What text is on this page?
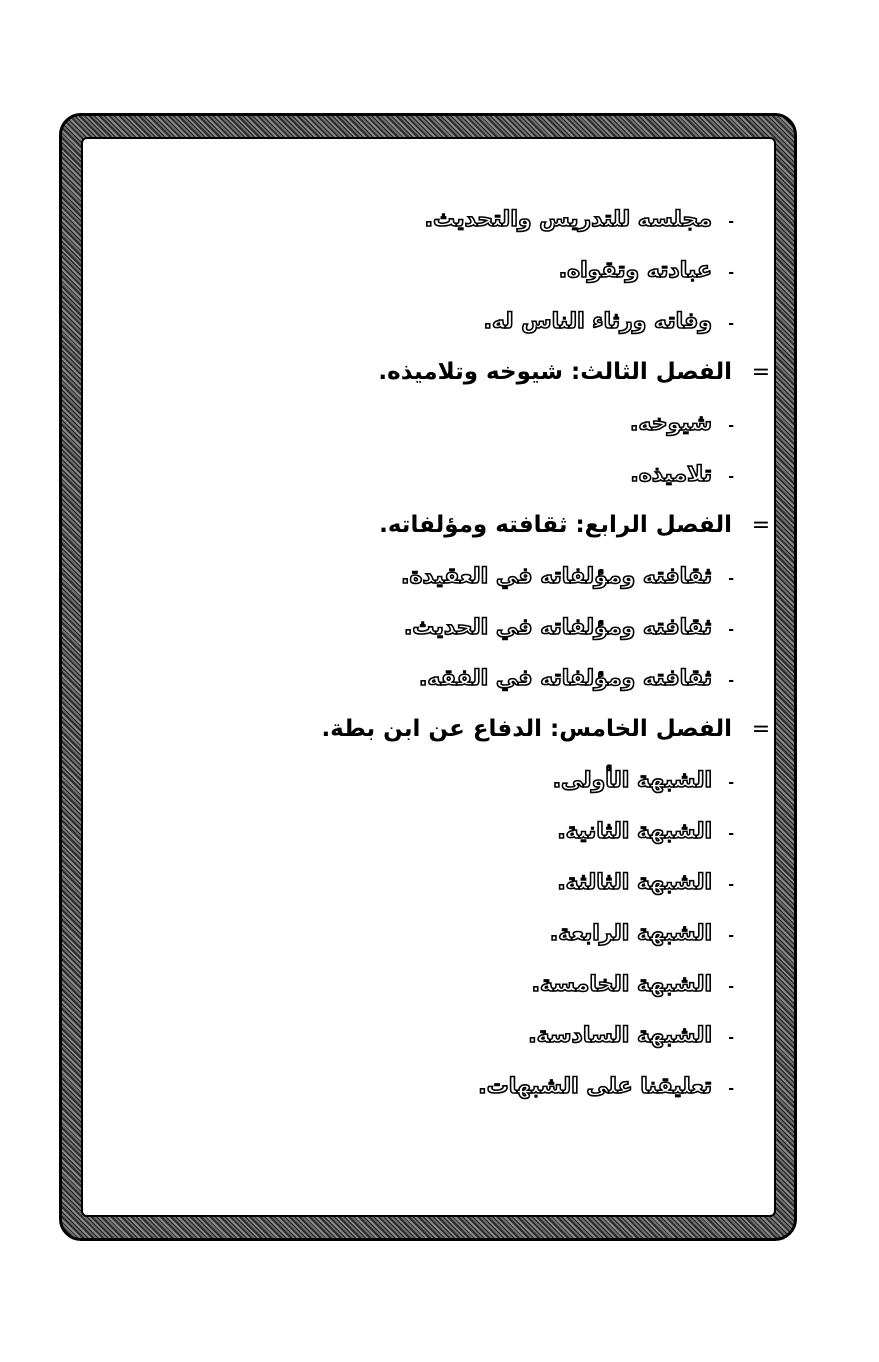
-مجلسه للتدريس والتحديث.
-عبادته وتقواه.
-وفاته ورثاء الناس له.
=الفصل الثالث: شيوخه وتلاميذه.
-شيوخه.
-تلاميذه.
=الفصل الرابع: ثقافته ومؤلفاته.
-ثقافته ومؤلفاته في العقيدة.
-ثقافته ومؤلفاته في الحديث.
-ثقافته ومؤلفاته في الفقه.
=الفصل الخامس: الدفاع عن ابن بطة.
-الشبهة الأولى.
-الشبهة الثانية.
-الشبهة الثالثة.
-الشبهة الرابعة.
-الشبهة الخامسة.
-الشبهة السادسة.
-تعليقنا على الشبهات.
